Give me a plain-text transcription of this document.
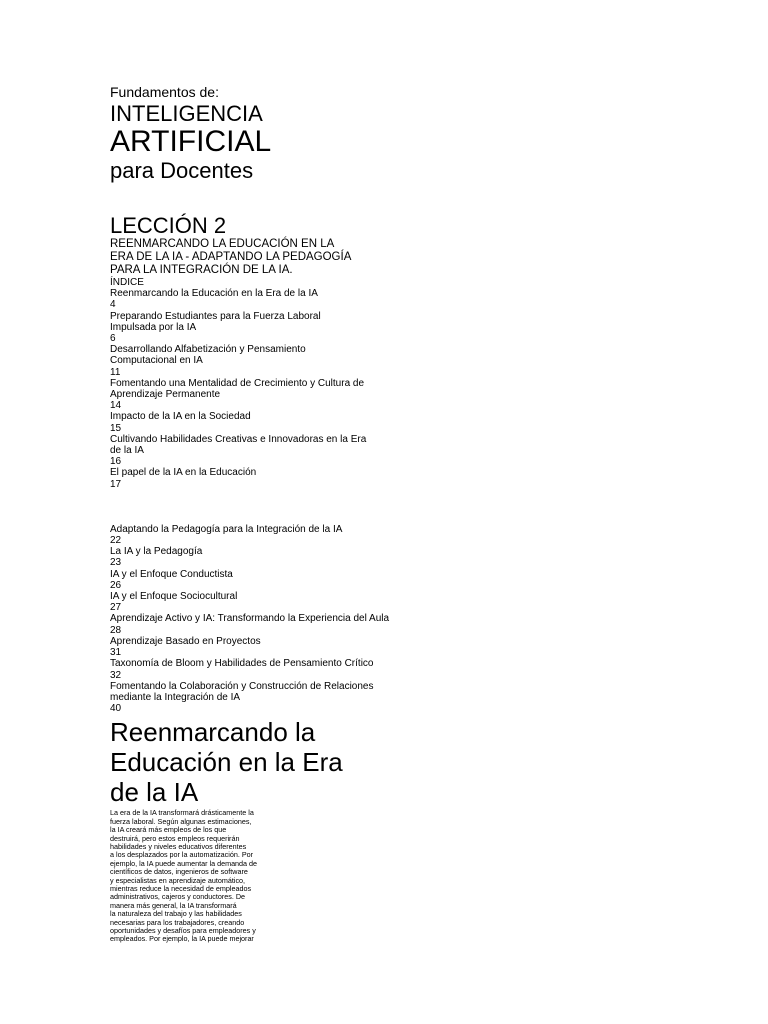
Fundamentos de:
INTELIGENCIA
ARTIFICIAL
para Docentes
LECCIÓN 2
REENMARCANDO LA EDUCACIÓN EN LA
ERA DE LA IA - ADAPTANDO LA PEDAGOGÍA
PARA LA INTEGRACIÓN DE LA IA.
ÍNDICE
Reenmarcando la Educación en la Era de la IA
4
Preparando Estudiantes para la Fuerza Laboral
Impulsada por la IA
6
Desarrollando Alfabetización y Pensamiento
Computacional en IA
11
Fomentando una Mentalidad de Crecimiento y Cultura de
Aprendizaje Permanente
14
Impacto de la IA en la Sociedad
15
Cultivando Habilidades Creativas e Innovadoras en la Era
de la IA
16
El papel de la IA en la Educación
17
Adaptando la Pedagogía para la Integración de la IA
22
La IA y la Pedagogía
23
IA y el Enfoque Conductista
26
IA y el Enfoque Sociocultural
27
Aprendizaje Activo y IA: Transformando la Experiencia del Aula
28
Aprendizaje Basado en Proyectos
31
Taxonomía de Bloom y Habilidades de Pensamiento Crítico
32
Fomentando la Colaboración y Construcción de Relaciones
mediante la Integración de IA
40
Reenmarcando la
Educación en la Era
de la IA
La era de la IA transformará drásticamente la
fuerza laboral. Según algunas estimaciones,
la IA creará más empleos de los que
destruirá, pero estos empleos requerirán
habilidades y niveles educativos diferentes
a los desplazados por la automatización. Por
ejemplo, la IA puede aumentar la demanda de
científicos de datos, ingenieros de software
y especialistas en aprendizaje automático,
mientras reduce la necesidad de empleados
administrativos, cajeros y conductores. De
manera más general, la IA transformará
la naturaleza del trabajo y las habilidades
necesarias para los trabajadores, creando
oportunidades y desafíos para empleadores y
empleados. Por ejemplo, la IA puede mejorar
